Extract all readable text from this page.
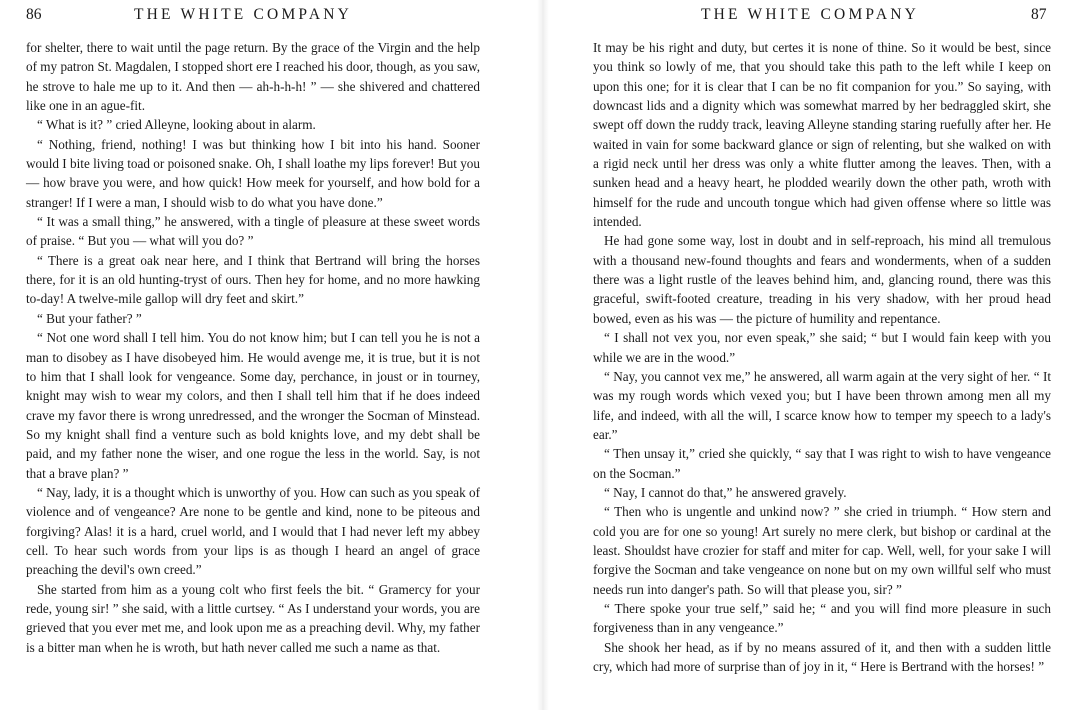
86	THE WHITE COMPANY

for shelter, there to wait until the page return. By the grace of the Virgin and the help of my patron St. Magdalen, I stopped short ere I reached his door, though, as you saw, he strove to hale me up to it. And then — ah-h-h-h! ” — she shivered and chattered like one in an ague-fit.

“ What is it? ” cried Alleyne, looking about in alarm.

“ Nothing, friend, nothing! I was but thinking how I bit into his hand. Sooner would I bite living toad or poisoned snake. Oh, I shall loathe my lips forever! But you — how brave you were, and how quick! How meek for yourself, and how bold for a stranger! If I were a man, I should wisb to do what you have done.”

“ It was a small thing,” he answered, with a tingle of pleasure at these sweet words of praise. “ But you — what will you do? ”

“ There is a great oak near here, and I think that Bertrand will bring the horses there, for it is an old hunting-tryst of ours. Then hey for home, and no more hawking to-day! A twelve-mile gallop will dry feet and skirt.”

“ But your father? ”

“ Not one word shall I tell him. You do not know him; but I can tell you he is not a man to disobey as I have disobeyed him. He would avenge me, it is true, but it is not to him that I shall look for vengeance. Some day, perchance, in joust or in tourney, knight may wish to wear my colors, and then I shall tell him that if he does indeed crave my favor there is wrong unredressed, and the wronger the Socman of Minstead. So my knight shall find a venture such as bold knights love, and my debt shall be paid, and my father none the wiser, and one rogue the less in the world. Say, is not that a brave plan? ”

“ Nay, lady, it is a thought which is unworthy of you. How can such as you speak of violence and of vengeance? Are none to be gentle and kind, none to be piteous and forgiving? Alas! it is a hard, cruel world, and I would that I had never left my abbey cell. To hear such words from your lips is as though I heard an angel of grace preaching the devil's own creed.”

She started from him as a young colt who first feels the bit. “ Gramercy for your rede, young sir! ” she said, with a little curtsey. “ As I understand your words, you are grieved that you ever met me, and look upon me as a preaching devil. Why, my father is a bitter man when he is wroth, but hath never called me such a name as that.

THE WHITE COMPANY	87

It may be his right and duty, but certes it is none of thine. So it would be best, since you think so lowly of me, that you should take this path to the left while I keep on upon this one; for it is clear that I can be no fit companion for you.” So saying, with downcast lids and a dignity which was somewhat marred by her bedraggled skirt, she swept off down the ruddy track, leaving Alleyne standing staring ruefully after her. He waited in vain for some backward glance or sign of relenting, but she walked on with a rigid neck until her dress was only a white flutter among the leaves. Then, with a sunken head and a heavy heart, he plodded wearily down the other path, wroth with himself for the rude and uncouth tongue which had given offense where so little was intended.

He had gone some way, lost in doubt and in self-reproach, his mind all tremulous with a thousand new-found thoughts and fears and wonderments, when of a sudden there was a light rustle of the leaves behind him, and, glancing round, there was this graceful, swift-footed creature, treading in his very shadow, with her proud head bowed, even as his was — the picture of humility and repentance.

“ I shall not vex you, nor even speak,” she said; “ but I would fain keep with you while we are in the wood.”

“ Nay, you cannot vex me,” he answered, all warm again at the very sight of her. “ It was my rough words which vexed you; but I have been thrown among men all my life, and indeed, with all the will, I scarce know how to temper my speech to a lady's ear.”

“ Then unsay it,” cried she quickly, “ say that I was right to wish to have vengeance on the Socman.”

“ Nay, I cannot do that,” he answered gravely.

“ Then who is ungentle and unkind now? ” she cried in triumph. “ How stern and cold you are for one so young! Art surely no mere clerk, but bishop or cardinal at the least. Shouldst have crozier for staff and miter for cap. Well, well, for your sake I will forgive the Socman and take vengeance on none but on my own willful self who must needs run into danger's path. So will that please you, sir? ”

“ There spoke your true self,” said he; “ and you will find more pleasure in such forgiveness than in any vengeance.”

She shook her head, as if by no means assured of it, and then with a sudden little cry, which had more of surprise than of joy in it, “ Here is Bertrand with the horses! ”
